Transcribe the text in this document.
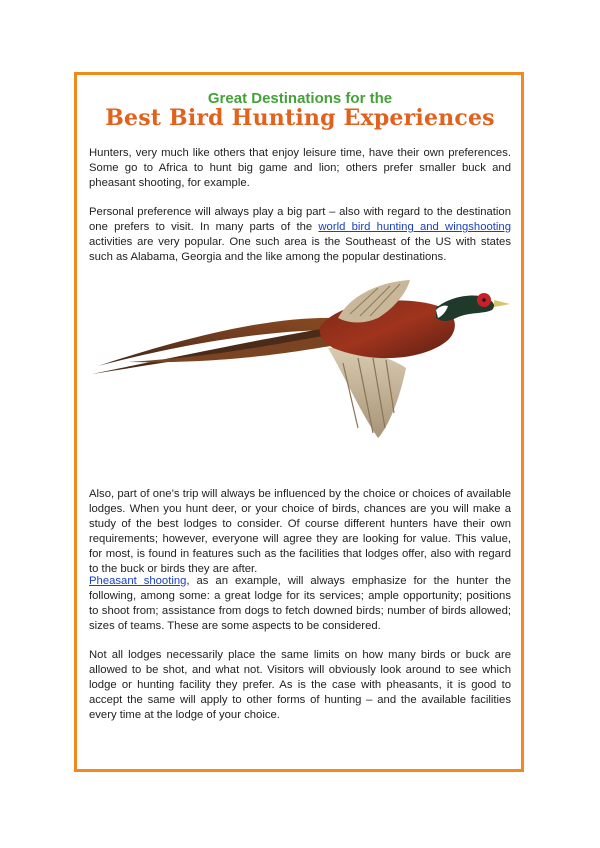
Great Destinations for the
Best Bird Hunting Experiences

Hunters, very much like others that enjoy leisure time, have their own preferences. Some go to Africa to hunt big game and lion; others prefer smaller buck and pheasant shooting, for example.

Personal preference will always play a big part – also with regard to the destination one prefers to visit. In many parts of the world bird hunting and wingshooting activities are very popular. One such area is the Southeast of the US with states such as Alabama, Georgia and the like among the popular destinations.

Also, part of one’s trip will always be influenced by the choice or choices of available lodges. When you hunt deer, or your choice of birds, chances are you will make a study of the best lodges to consider. Of course different hunters have their own requirements; however, everyone will agree they are looking for value. This value, for most, is found in features such as the facilities that lodges offer, also with regard to the buck or birds they are after.

Pheasant shooting, as an example, will always emphasize for the hunter the following, among some: a great lodge for its services; ample opportunity; positions to shoot from; assistance from dogs to fetch downed birds; number of birds allowed; sizes of teams. These are some aspects to be considered.

Not all lodges necessarily place the same limits on how many birds or buck are allowed to be shot, and what not. Visitors will obviously look around to see which lodge or hunting facility they prefer. As is the case with pheasants, it is good to accept the same will apply to other forms of hunting – and the available facilities every time at the lodge of your choice.
